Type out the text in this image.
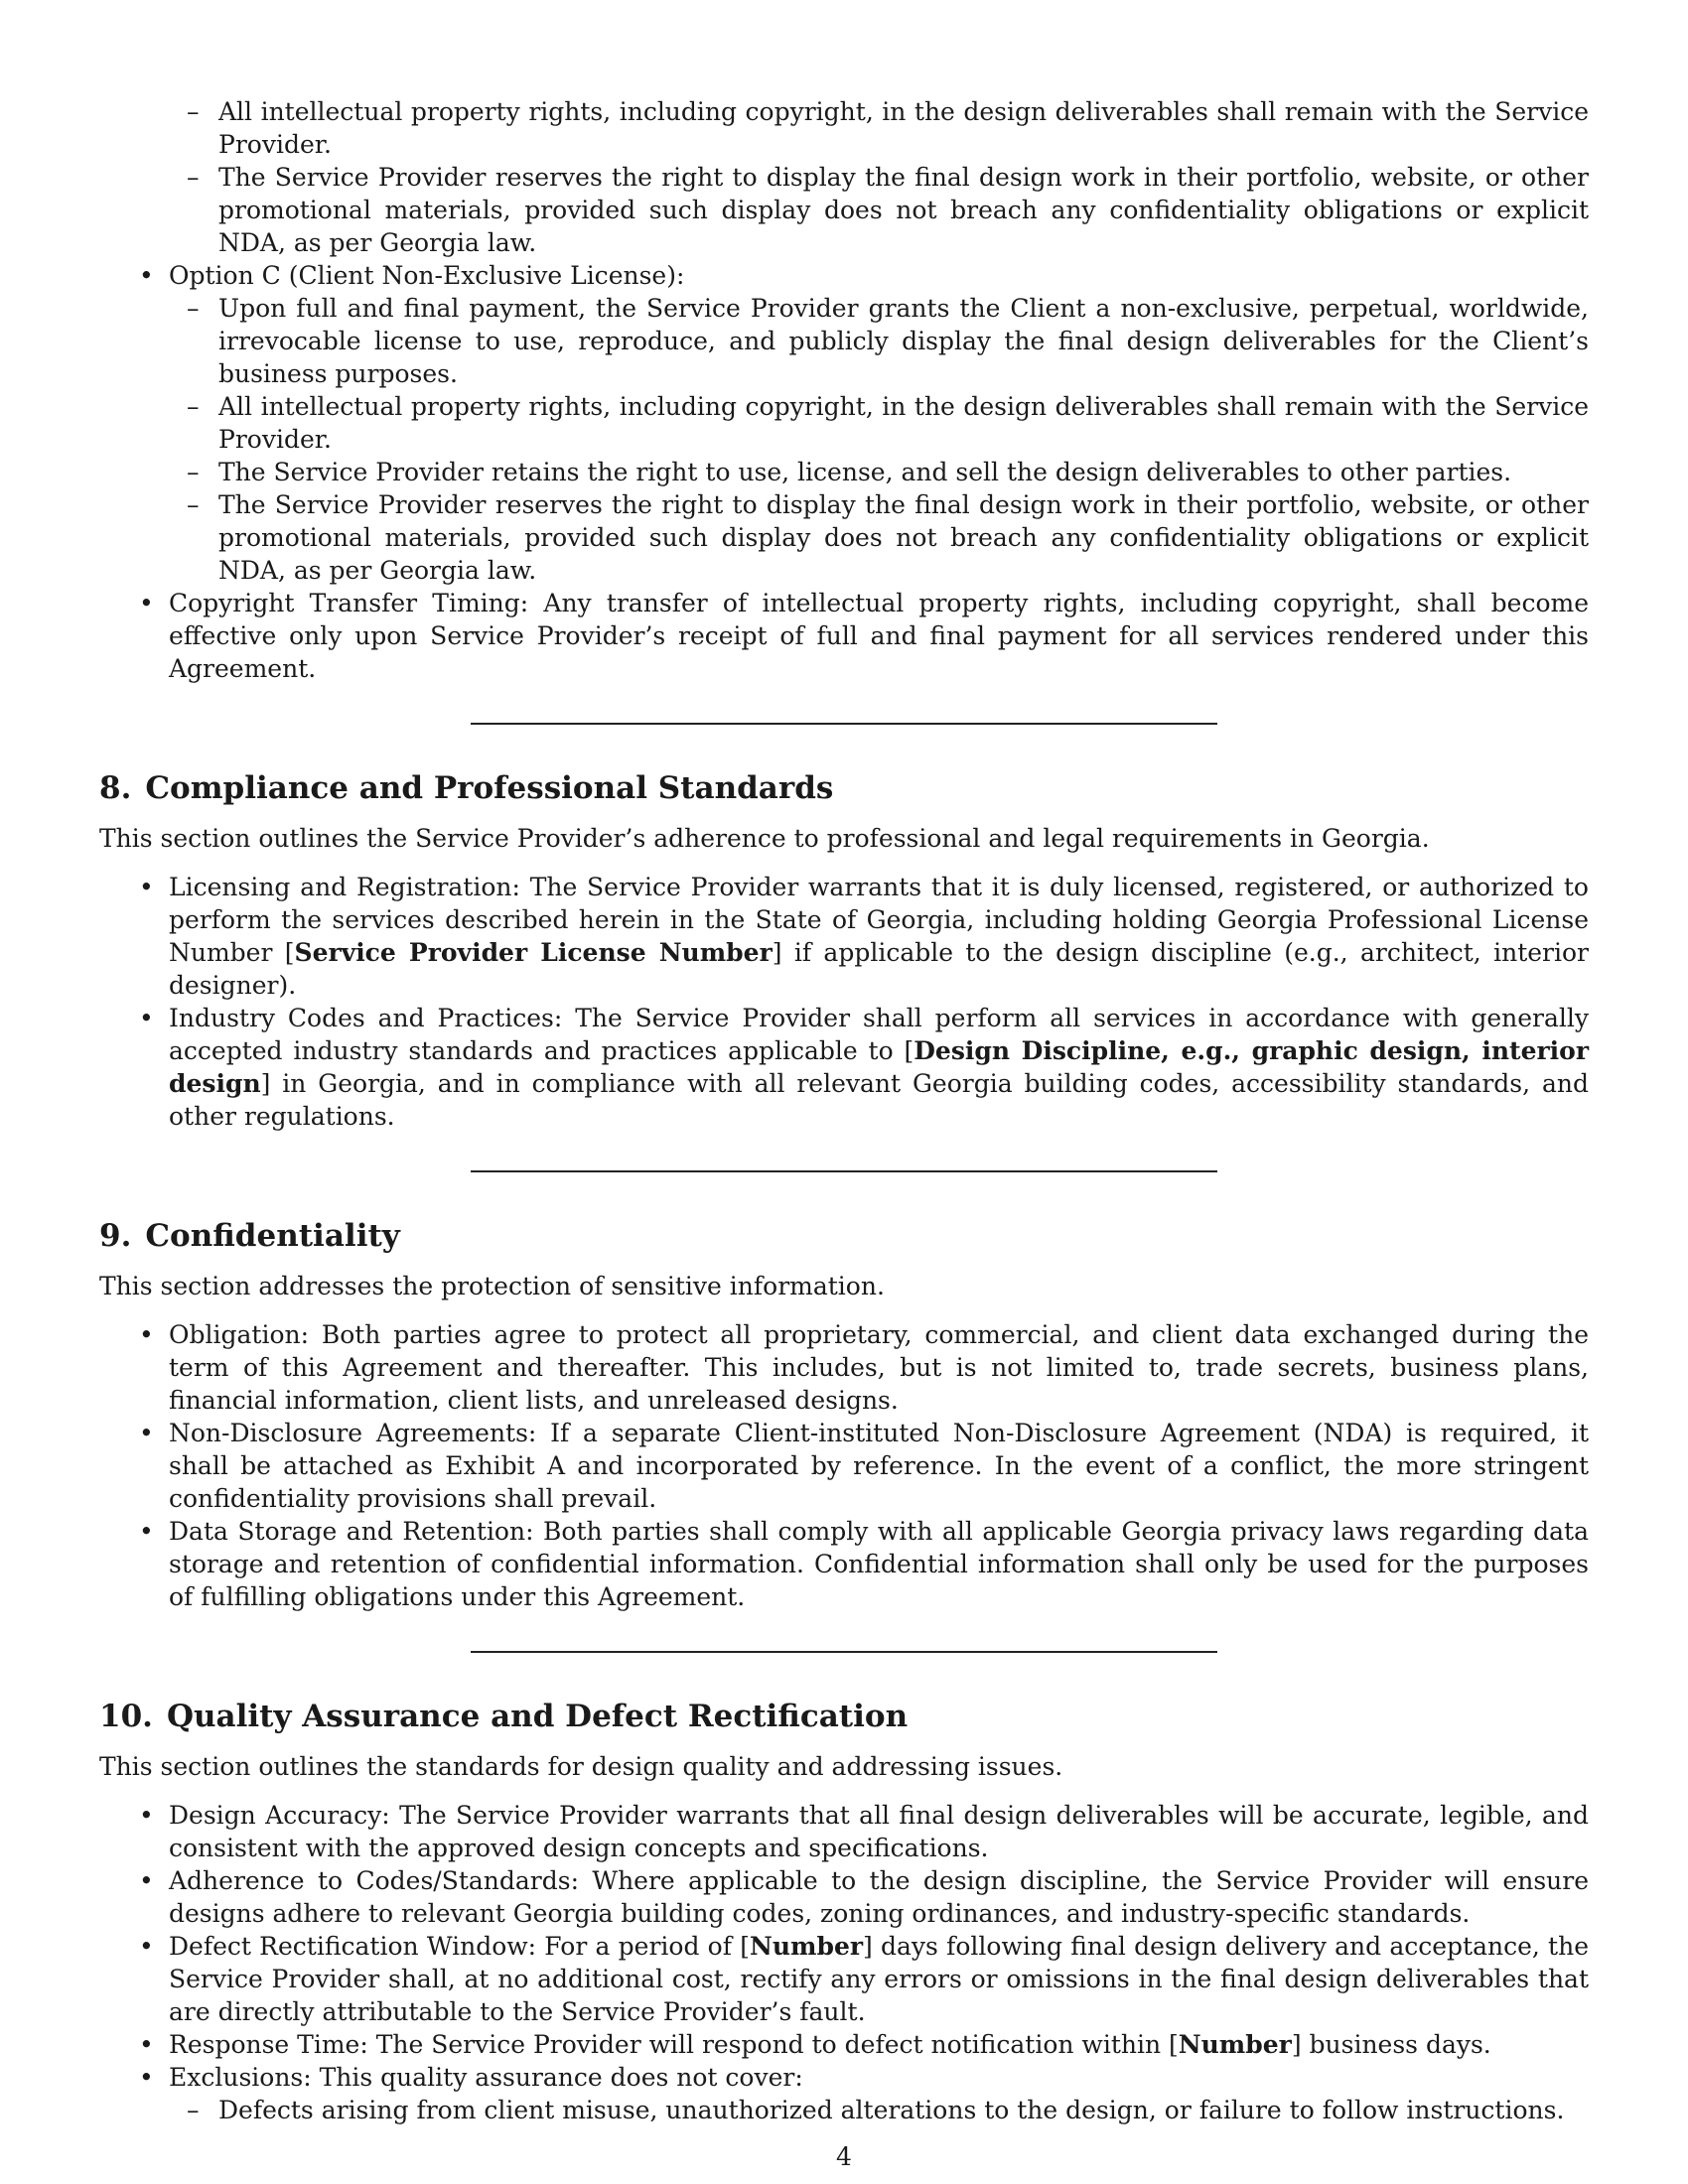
– All intellectual property rights, including copyright, in the design deliverables shall remain with the Service Provider.
– The Service Provider reserves the right to display the final design work in their portfolio, website, or other promotional materials, provided such display does not breach any confidentiality obligations or explicit NDA, as per Georgia law.
• Option C (Client Non-Exclusive License):
– Upon full and final payment, the Service Provider grants the Client a non-exclusive, perpetual, worldwide, irrevocable license to use, reproduce, and publicly display the final design deliverables for the Client’s business purposes.
– All intellectual property rights, including copyright, in the design deliverables shall remain with the Service Provider.
– The Service Provider retains the right to use, license, and sell the design deliverables to other parties.
– The Service Provider reserves the right to display the final design work in their portfolio, website, or other promotional materials, provided such display does not breach any confidentiality obligations or explicit NDA, as per Georgia law.
• Copyright Transfer Timing: Any transfer of intellectual property rights, including copyright, shall become effective only upon Service Provider’s receipt of full and final payment for all services rendered under this Agreement.
8. Compliance and Professional Standards

This section outlines the Service Provider’s adherence to professional and legal requirements in Georgia.

• Licensing and Registration: The Service Provider warrants that it is duly licensed, registered, or authorized to perform the services described herein in the State of Georgia, including holding Georgia Professional License Number [Service Provider License Number] if applicable to the design discipline (e.g., architect, interior designer).
• Industry Codes and Practices: The Service Provider shall perform all services in accordance with generally accepted industry standards and practices applicable to [Design Discipline, e.g., graphic design, interior design] in Georgia, and in compliance with all relevant Georgia building codes, accessibility standards, and other regulations.
9. Confidentiality

This section addresses the protection of sensitive information.

• Obligation: Both parties agree to protect all proprietary, commercial, and client data exchanged during the term of this Agreement and thereafter. This includes, but is not limited to, trade secrets, business plans, financial information, client lists, and unreleased designs.
• Non-Disclosure Agreements: If a separate Client-instituted Non-Disclosure Agreement (NDA) is required, it shall be attached as Exhibit A and incorporated by reference. In the event of a conflict, the more stringent confidentiality provisions shall prevail.
• Data Storage and Retention: Both parties shall comply with all applicable Georgia privacy laws regarding data storage and retention of confidential information. Confidential information shall only be used for the purposes of fulfilling obligations under this Agreement.
10. Quality Assurance and Defect Rectification

This section outlines the standards for design quality and addressing issues.

• Design Accuracy: The Service Provider warrants that all final design deliverables will be accurate, legible, and consistent with the approved design concepts and specifications.
• Adherence to Codes/Standards: Where applicable to the design discipline, the Service Provider will ensure designs adhere to relevant Georgia building codes, zoning ordinances, and industry-specific standards.
• Defect Rectification Window: For a period of [Number] days following final design delivery and acceptance, the Service Provider shall, at no additional cost, rectify any errors or omissions in the final design deliverables that are directly attributable to the Service Provider’s fault.
• Response Time: The Service Provider will respond to defect notification within [Number] business days.
• Exclusions: This quality assurance does not cover:
– Defects arising from client misuse, unauthorized alterations to the design, or failure to follow instructions.
4
